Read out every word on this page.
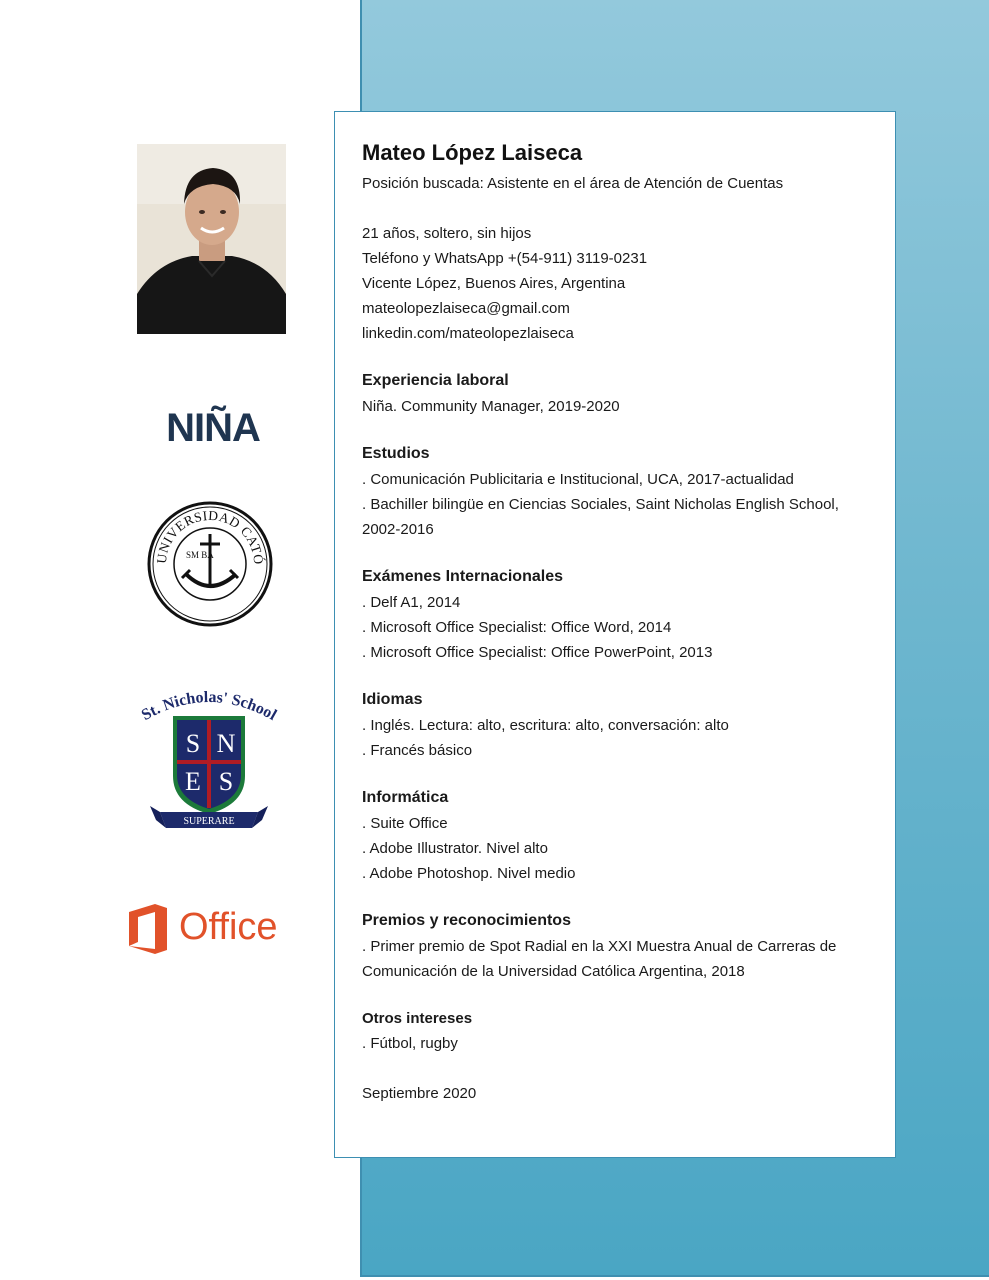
NIÑA
UNIVERSIDAD CATÓ
SM BA
St. Nicholas' School
S N
E S
SUPERARE
Office
Mateo López Laiseca
Posición buscada: Asistente en el área de Atención de Cuentas
21 años, soltero, sin hijos
Teléfono y WhatsApp +(54-911) 3119-0231
Vicente López, Buenos Aires, Argentina
mateolopezlaiseca@gmail.com
linkedin.com/mateolopezlaiseca
Experiencia laboral
Niña. Community Manager, 2019-2020
Estudios
. Comunicación Publicitaria e Institucional, UCA, 2017-actualidad
. Bachiller bilingüe en Ciencias Sociales, Saint Nicholas English School, 2002-2016
Exámenes Internacionales
. Delf A1, 2014
. Microsoft Office Specialist: Office Word, 2014
. Microsoft Office Specialist: Office PowerPoint, 2013
Idiomas
. Inglés. Lectura: alto, escritura: alto, conversación: alto
. Francés básico
Informática
. Suite Office
. Adobe Illustrator. Nivel alto
. Adobe Photoshop. Nivel medio
Premios y reconocimientos
. Primer premio de Spot Radial en la XXI Muestra Anual de Carreras de Comunicación de la Universidad Católica Argentina, 2018
Otros intereses
. Fútbol, rugby
Septiembre 2020
